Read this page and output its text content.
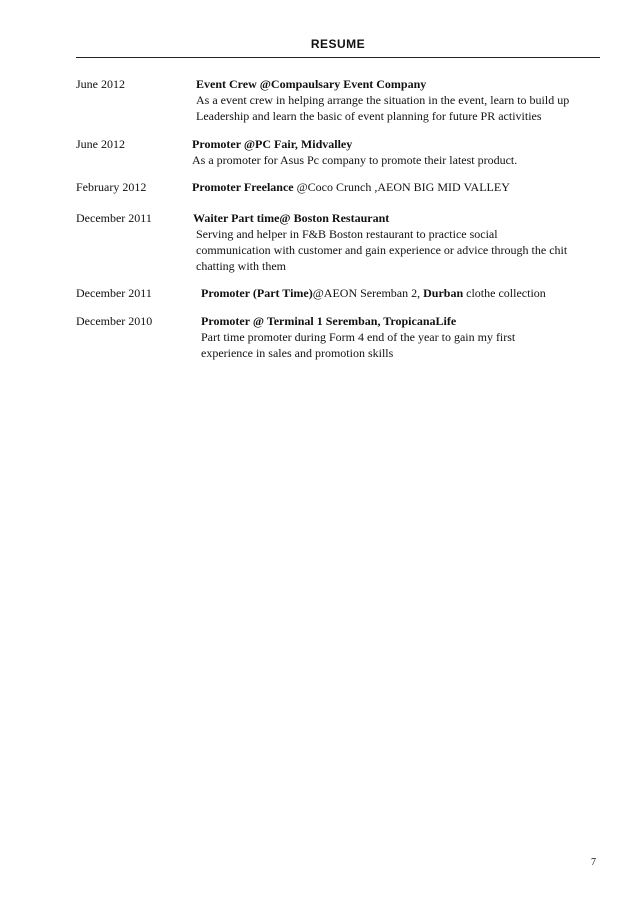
RESUME
June 2012	Event Crew @Compaulsary Event Company
As a event crew in helping arrange the situation in the event, learn to build up
Leadership and learn the basic of event planning for future PR activities
June 2012	Promoter @PC Fair, Midvalley
As a promoter for Asus Pc company to promote their latest product.
February 2012	Promoter Freelance @Coco Crunch ,AEON BIG MID VALLEY
December 2011	Waiter Part time@ Boston Restaurant
Serving and helper in F&B Boston restaurant to practice social
communication with customer and gain experience or advice through the chit
chatting with them
December 2011	Promoter (Part Time)@AEON Seremban 2, Durban clothe collection
December 2010	Promoter @ Terminal 1 Seremban, TropicanaLife
Part time promoter during Form 4 end of the year to gain my first
experience in sales and promotion skills
7
